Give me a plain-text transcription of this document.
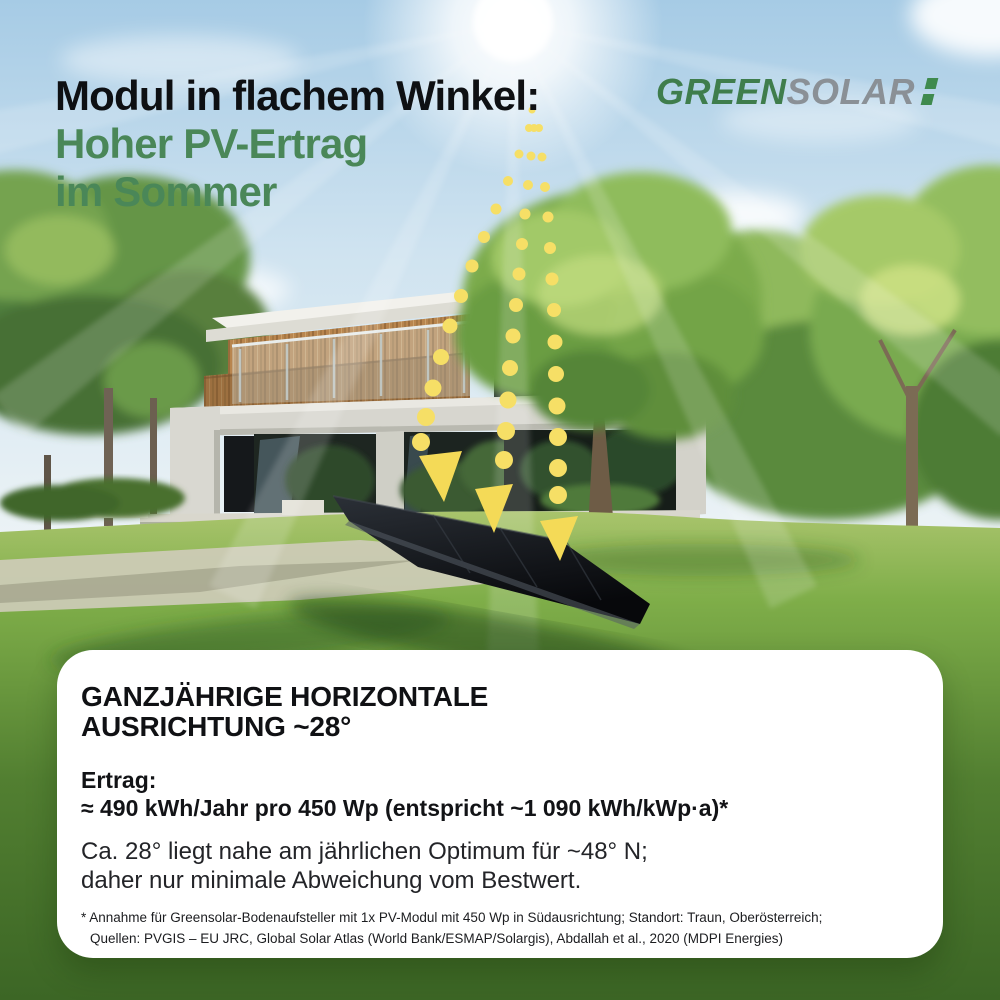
Modul in flachem Winkel:
Hoher PV-Ertrag
im Sommer
GREEN SOLAR
GANZJÄHRIGE HORIZONTALE
AUSRICHTUNG ~28°
Ertrag:
≈ 490 kWh/Jahr pro 450 Wp (entspricht ~1 090 kWh/kWp·a)*
Ca. 28° liegt nahe am jährlichen Optimum für ~48° N;
daher nur minimale Abweichung vom Bestwert.
* Annahme für Greensolar-Bodenaufsteller mit 1x PV-Modul mit 450 Wp in Südausrichtung; Standort: Traun, Oberösterreich;
Quellen: PVGIS – EU JRC, Global Solar Atlas (World Bank/ESMAP/Solargis), Abdallah et al., 2020 (MDPI Energies)
